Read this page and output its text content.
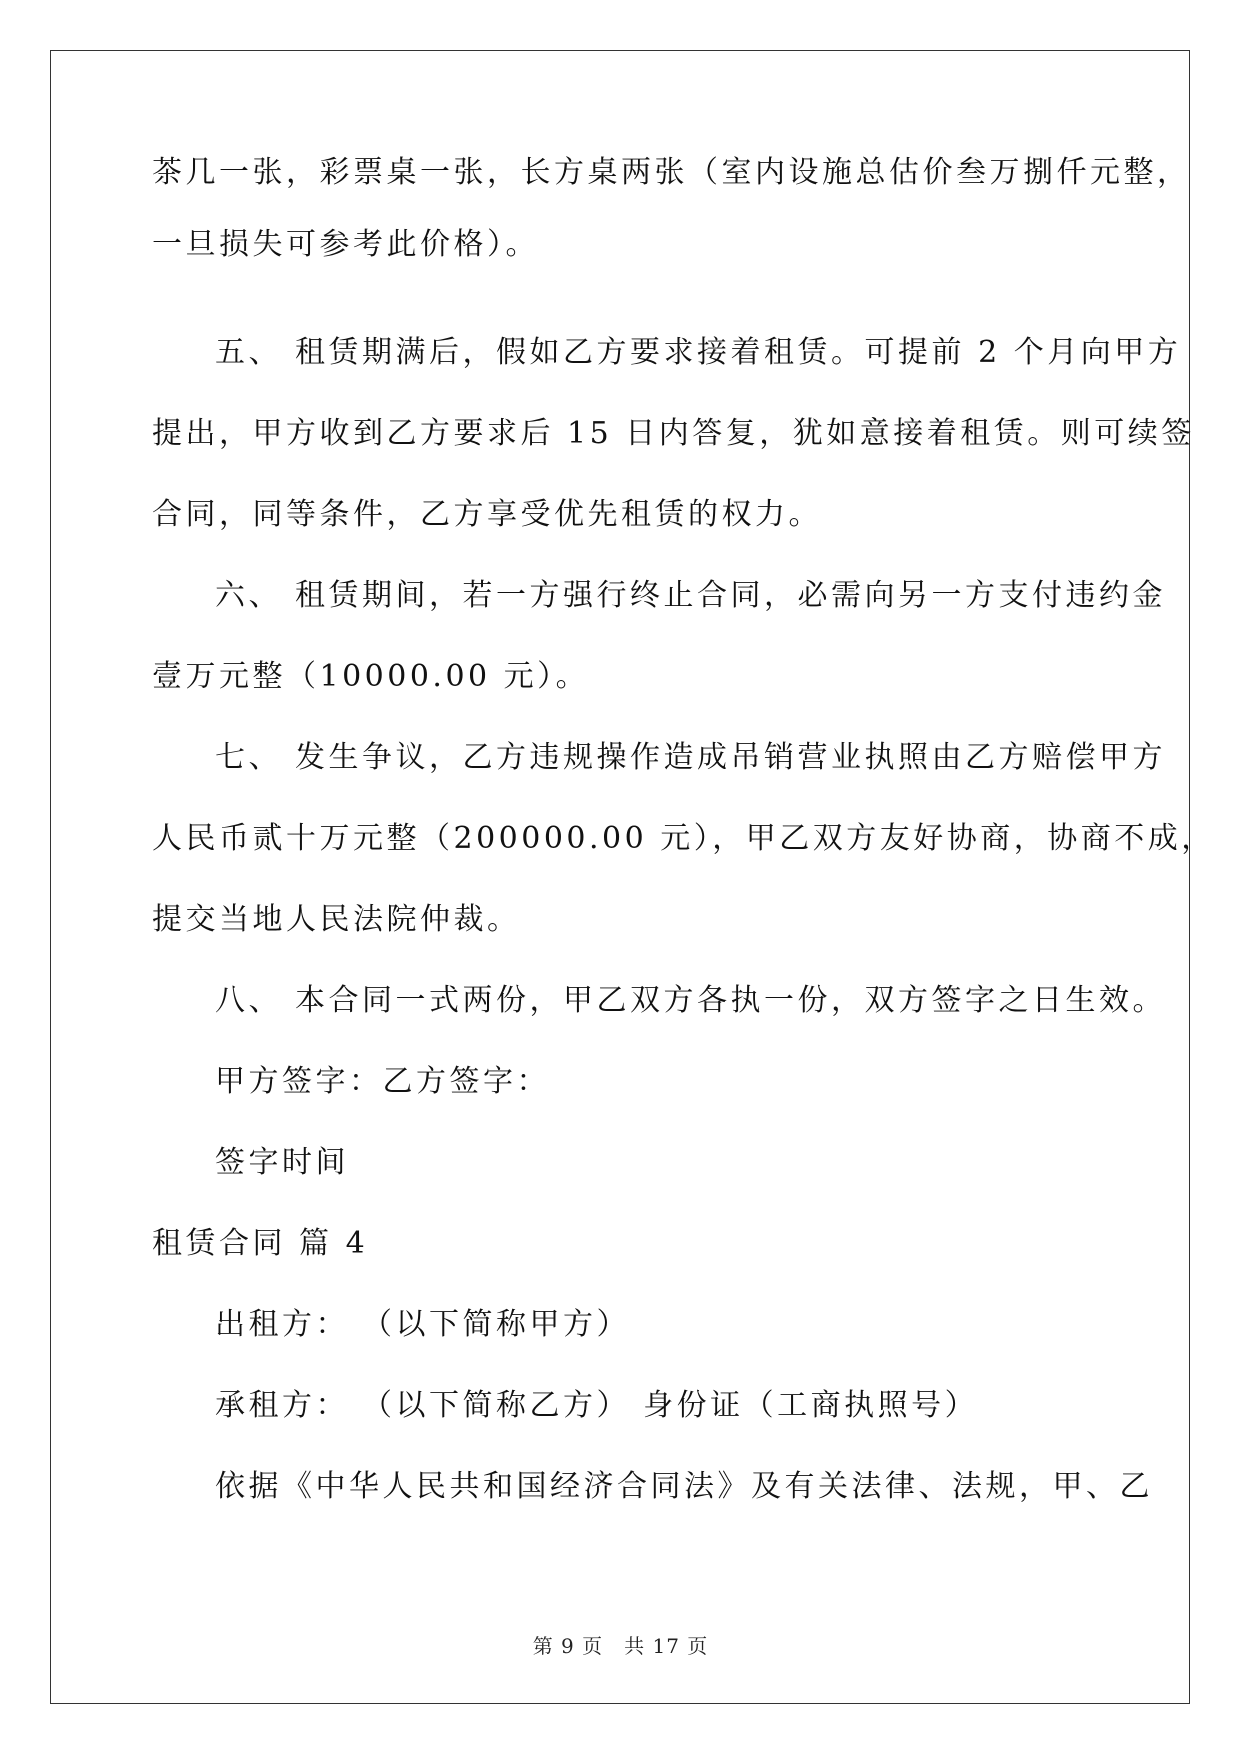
茶几一张，彩票桌一张，长方桌两张（室内设施总估价叁万捌仟元整，
一旦损失可参考此价格）。
五、 租赁期满后，假如乙方要求接着租赁。可提前 2 个月向甲方
提出，甲方收到乙方要求后 15 日内答复，犹如意接着租赁。则可续签
合同，同等条件，乙方享受优先租赁的权力。
六、 租赁期间，若一方强行终止合同，必需向另一方支付违约金
壹万元整（10000.00 元）。
七、 发生争议，乙方违规操作造成吊销营业执照由乙方赔偿甲方
人民币贰十万元整（200000.00 元），甲乙双方友好协商，协商不成，
提交当地人民法院仲裁。
八、 本合同一式两份，甲乙双方各执一份，双方签字之日生效。
甲方签字：乙方签字：
签字时间
租赁合同 篇 4
出租方： （以下简称甲方）
承租方： （以下简称乙方） 身份证（工商执照号）
依据《中华人民共和国经济合同法》及有关法律、法规，甲、乙
第 9 页　共 17 页
